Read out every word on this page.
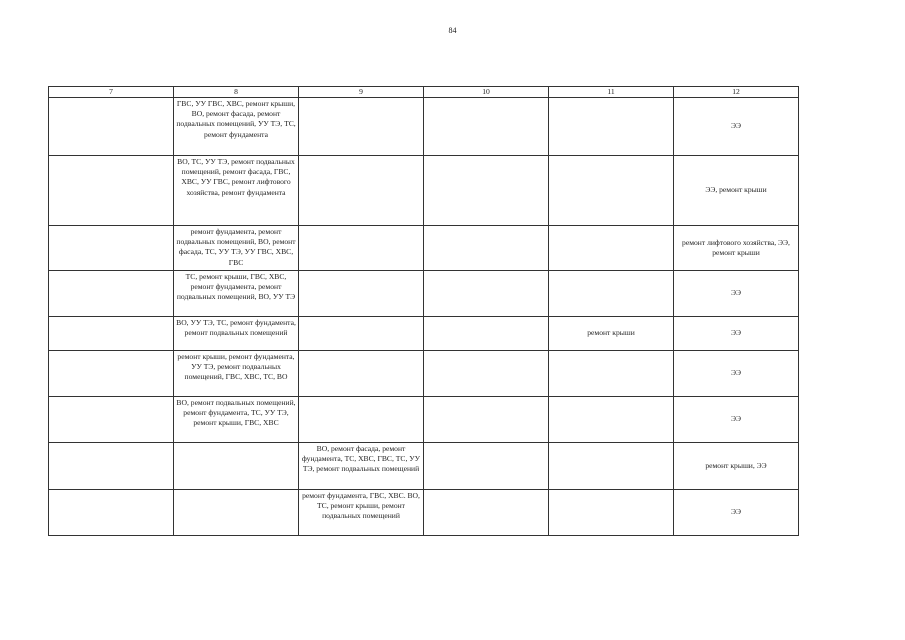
84
7	8	9	10	11	12
	ГВС, УУ ГВС, ХВС, ремонт крыши, ВО, ремонт фасада, ремонт подвальных помещений, УУ ТЭ, ТС, ремонт фундамента				ЭЭ
	ВО, ТС, УУ ТЭ, ремонт подвальных помещений, ремонт фасада, ГВС, ХВС, УУ ГВС, ремонт лифтового хозяйства, ремонт фундамента				ЭЭ, ремонт крыши
	ремонт фундамента, ремонт подвальных помещений, ВО, ремонт фасада, ТС, УУ ТЭ, УУ ГВС, ХВС, ГВС				ремонт лифтового хозяйства, ЭЭ, ремонт крыши
	ТС, ремонт крыши, ГВС, ХВС, ремонт фундамента, ремонт подвальных помещений, ВО, УУ ТЭ				ЭЭ
	ВО, УУ ТЭ, ТС, ремонт фундамента, ремонт подвальных помещений			ремонт крыши	ЭЭ
	ремонт крыши, ремонт фундамента, УУ ТЭ, ремонт подвальных помещений, ГВС, ХВС, ТС, ВО				ЭЭ
	ВО, ремонт подвальных помещений, ремонт фундамента, ТС, УУ ТЭ, ремонт крыши, ГВС, ХВС				ЭЭ
		ВО, ремонт фасада, ремонт фундамента, ТС, ХВС, ГВС, ТС, УУ ТЭ, ремонт подвальных помещений			ремонт крыши, ЭЭ
		ремонт фундамента, ГВС, ХВС. ВО, ТС, ремонт крыши, ремонт подвальных помещений			ЭЭ
